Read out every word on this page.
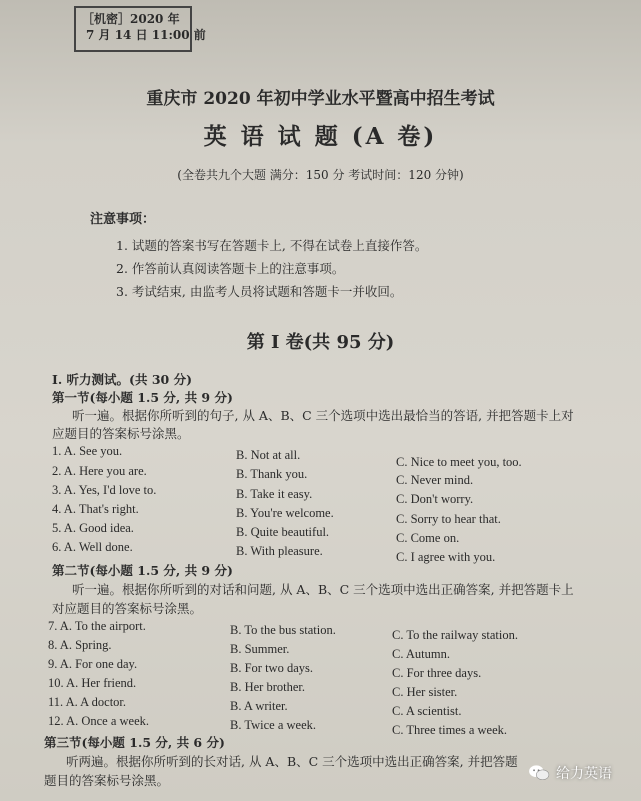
［机密］2020 年
7 月 14 日 11:00 前
重庆市 2020 年初中学业水平暨高中招生考试
英 语 试 题 (A 卷)
(全卷共九个大题 满分：150 分 考试时间：120 分钟)
注意事项：
1. 试题的答案书写在答题卡上, 不得在试卷上直接作答。
2. 作答前认真阅读答题卡上的注意事项。
3. 考试结束, 由监考人员将试题和答题卡一并收回。
第 I 卷(共 95 分)
I. 听力测试。(共 30 分)
第一节(每小题 1.5 分, 共 9 分)
听一遍。根据你所听到的句子, 从 A、B、C 三个选项中选出最恰当的答语, 并把答题卡上对
应题目的答案标号涂黑。
1. A. See you.	B. Not at all.	C. Nice to meet you, too.
2. A. Here you are.	B. Thank you.	C. Never mind.
3. A. Yes, I'd love to.	B. Take it easy.	C. Don't worry.
4. A. That's right.	B. You're welcome.	C. Sorry to hear that.
5. A. Good idea.	B. Quite beautiful.	C. Come on.
6. A. Well done.	B. With pleasure.	C. I agree with you.
第二节(每小题 1.5 分, 共 9 分)
听一遍。根据你所听到的对话和问题, 从 A、B、C 三个选项中选出正确答案, 并把答题卡上
对应题目的答案标号涂黑。
7. A. To the airport.	B. To the bus station.	C. To the railway station.
8. A. Spring.	B. Summer.	C. Autumn.
9. A. For one day.	B. For two days.	C. For three days.
10. A. Her friend.	B. Her brother.	C. Her sister.
11. A. A doctor.	B. A writer.	C. A scientist.
12. A. Once a week.	B. Twice a week.	C. Three times a week.
第三节(每小题 1.5 分, 共 6 分)
听两遍。根据你所听到的长对话, 从 A、B、C 三个选项中选出正确答案, 并把答题
题目的答案标号涂黑。	给力英语
